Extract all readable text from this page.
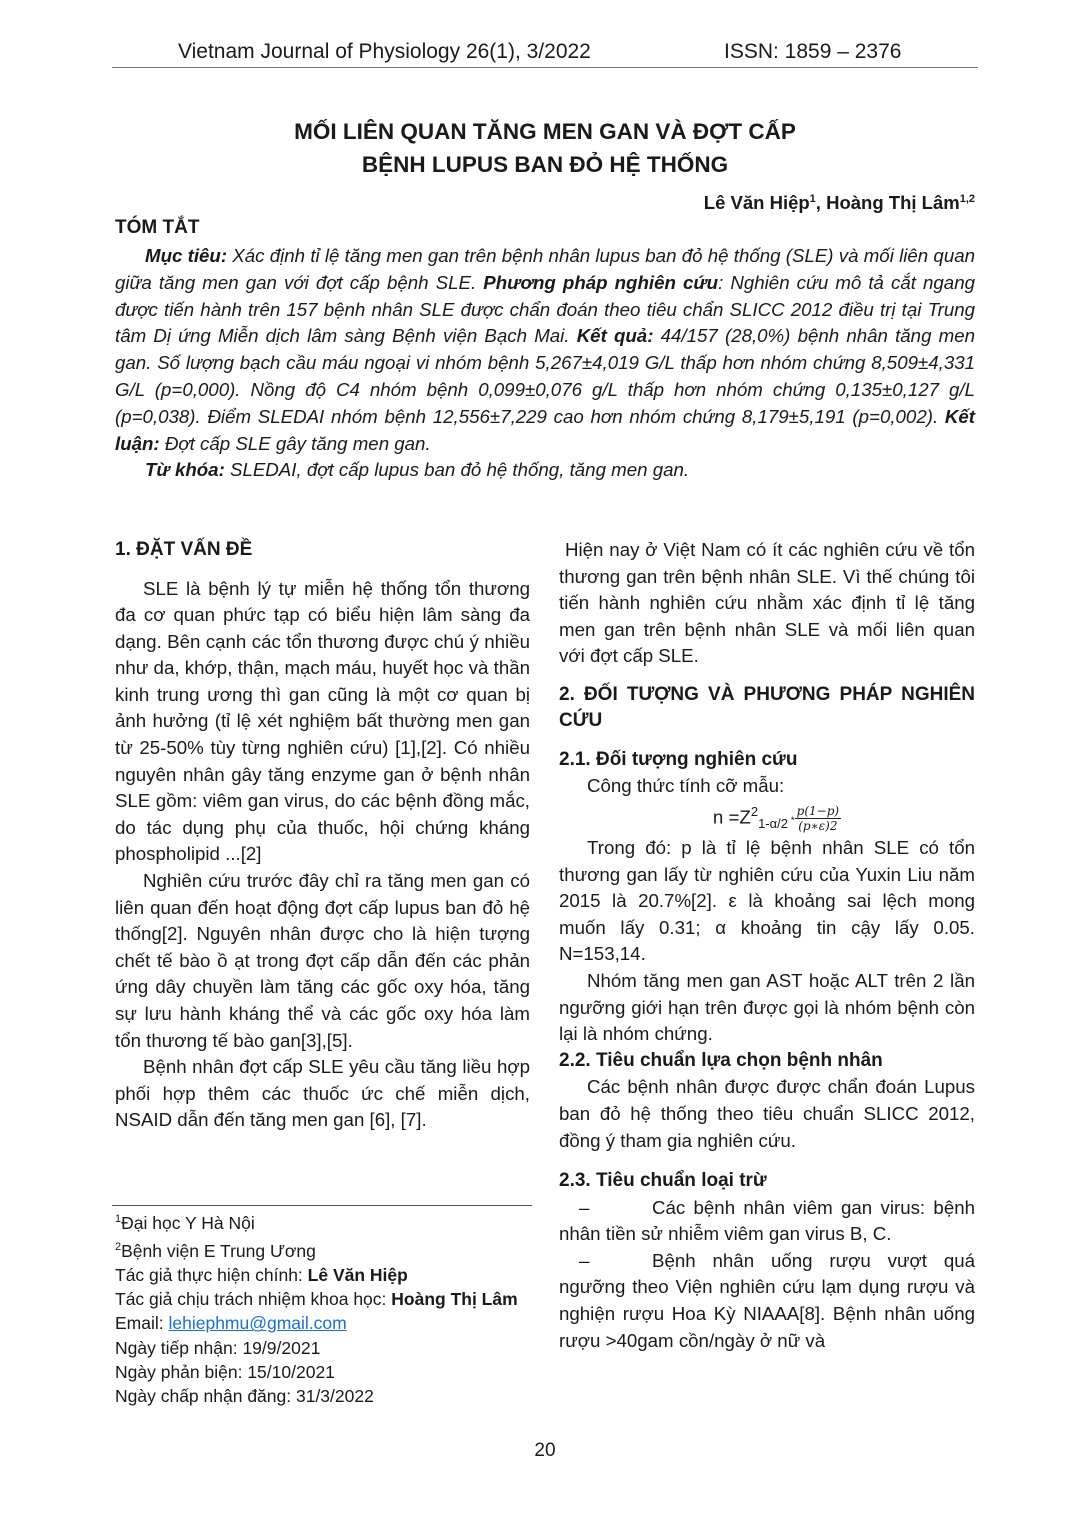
Vietnam Journal of Physiology 26(1), 3/2022	ISSN: 1859 – 2376
MỐI LIÊN QUAN TĂNG MEN GAN VÀ ĐỢT CẤP
BỆNH LUPUS BAN ĐỎ HỆ THỐNG
Lê Văn Hiệp$^1$, Hoàng Thị Lâm$^{1,2}$
TÓM TẮT

Mục tiêu: Xác định tỉ lệ tăng men gan trên bệnh nhân lupus ban đỏ hệ thống (SLE) và mối liên quan giữa tăng men gan với đợt cấp bệnh SLE. Phương pháp nghiên cứu: Nghiên cứu mô tả cắt ngang được tiến hành trên 157 bệnh nhân SLE được chẩn đoán theo tiêu chẩn SLICC 2012 điều trị tại Trung tâm Dị ứng Miễn dịch lâm sàng Bệnh viện Bạch Mai. Kết quả: 44/157 (28,0%) bệnh nhân tăng men gan. Số lượng bạch cầu máu ngoại vi nhóm bệnh 5,267±4,019 G/L thấp hơn nhóm chứng 8,509±4,331 G/L (p=0,000). Nồng độ C4 nhóm bệnh 0,099±0,076 g/L thấp hơn nhóm chứng 0,135±0,127 g/L (p=0,038). Điểm SLEDAI nhóm bệnh 12,556±7,229 cao hơn nhóm chứng 8,179±5,191 (p=0,002). Kết luận: Đợt cấp SLE gây tăng men gan.

Từ khóa: SLEDAI, đợt cấp lupus ban đỏ hệ thống, tăng men gan.

1. ĐẶT VẤN ĐỀ

SLE là bệnh lý tự miễn hệ thống tổn thương đa cơ quan phức tạp có biểu hiện lâm sàng đa dạng. Bên cạnh các tổn thương được chú ý nhiều như da, khớp, thận, mạch máu, huyết học và thần kinh trung ương thì gan cũng là một cơ quan bị ảnh hưởng (tỉ lệ xét nghiệm bất thường men gan từ 25-50% tùy từng nghiên cứu) [1],[2]. Có nhiều nguyên nhân gây tăng enzyme gan ở bệnh nhân SLE gồm: viêm gan virus, do các bệnh đồng mắc, do tác dụng phụ của thuốc, hội chứng kháng phospholipid ...[2]

Nghiên cứu trước đây chỉ ra tăng men gan có liên quan đến hoạt động đợt cấp lupus ban đỏ hệ thống[2]. Nguyên nhân được cho là hiện tượng chết tế bào ồ ạt trong đợt cấp dẫn đến các phản ứng dây chuyền làm tăng các gốc oxy hóa, tăng sự lưu hành kháng thể và các gốc oxy hóa làm tổn thương tế bào gan[3],[5].

Bệnh nhân đợt cấp SLE yêu cầu tăng liều hợp phối hợp thêm các thuốc ức chế miễn dịch, NSAID dẫn đến tăng men gan [6], [7].

Hiện nay ở Việt Nam có ít các nghiên cứu về tổn thương gan trên bệnh nhân SLE. Vì thế chúng tôi tiến hành nghiên cứu nhằm xác định tỉ lệ tăng men gan trên bệnh nhân SLE và mối liên quan với đợt cấp SLE.

2. ĐỐI TƯỢNG VÀ PHƯƠNG PHÁP NGHIÊN CỨU
2.1. Đối tượng nghiên cứu

Công thức tính cỡ mẫu:

$n =Z^2_{1-\alpha/2} * \frac{p(1-p)}{(p∗\varepsilon)2}$

Trong đó: p là tỉ lệ bệnh nhân SLE có tổn thương gan lấy từ nghiên cứu của Yuxin Liu năm 2015 là 20.7%[2]. ε là khoảng sai lệch mong muốn lấy 0.31; α khoảng tin cậy lấy 0.05. N=153,14.

Nhóm tăng men gan AST hoặc ALT trên 2 lần ngưỡng giới hạn trên được gọi là nhóm bệnh còn lại là nhóm chứng.

2.2. Tiêu chuẩn lựa chọn bệnh nhân

Các bệnh nhân được được chẩn đoán Lupus ban đỏ hệ thống theo tiêu chuẩn SLICC 2012, đồng ý tham gia nghiên cứu.

2.3. Tiêu chuẩn loại trừ

–	Các bệnh nhân viêm gan virus: bệnh nhân tiền sử nhiễm viêm gan virus B, C.

–	Bệnh nhân uống rượu vượt quá ngưỡng theo Viện nghiên cứu lạm dụng rượu và nghiện rượu Hoa Kỳ NIAAA[8]. Bệnh nhân uống rượu >40gam cồn/ngày ở nữ và

$^1$Đại học Y Hà Nội
$^2$Bệnh viện E Trung Ương
Tác giả thực hiện chính: Lê Văn Hiệp
Tác giả chịu trách nhiệm khoa học: Hoàng Thị Lâm
Email: lehiephmu@gmail.com
Ngày tiếp nhận: 19/9/2021
Ngày phản biện: 15/10/2021
Ngày chấp nhận đăng: 31/3/2022
20
